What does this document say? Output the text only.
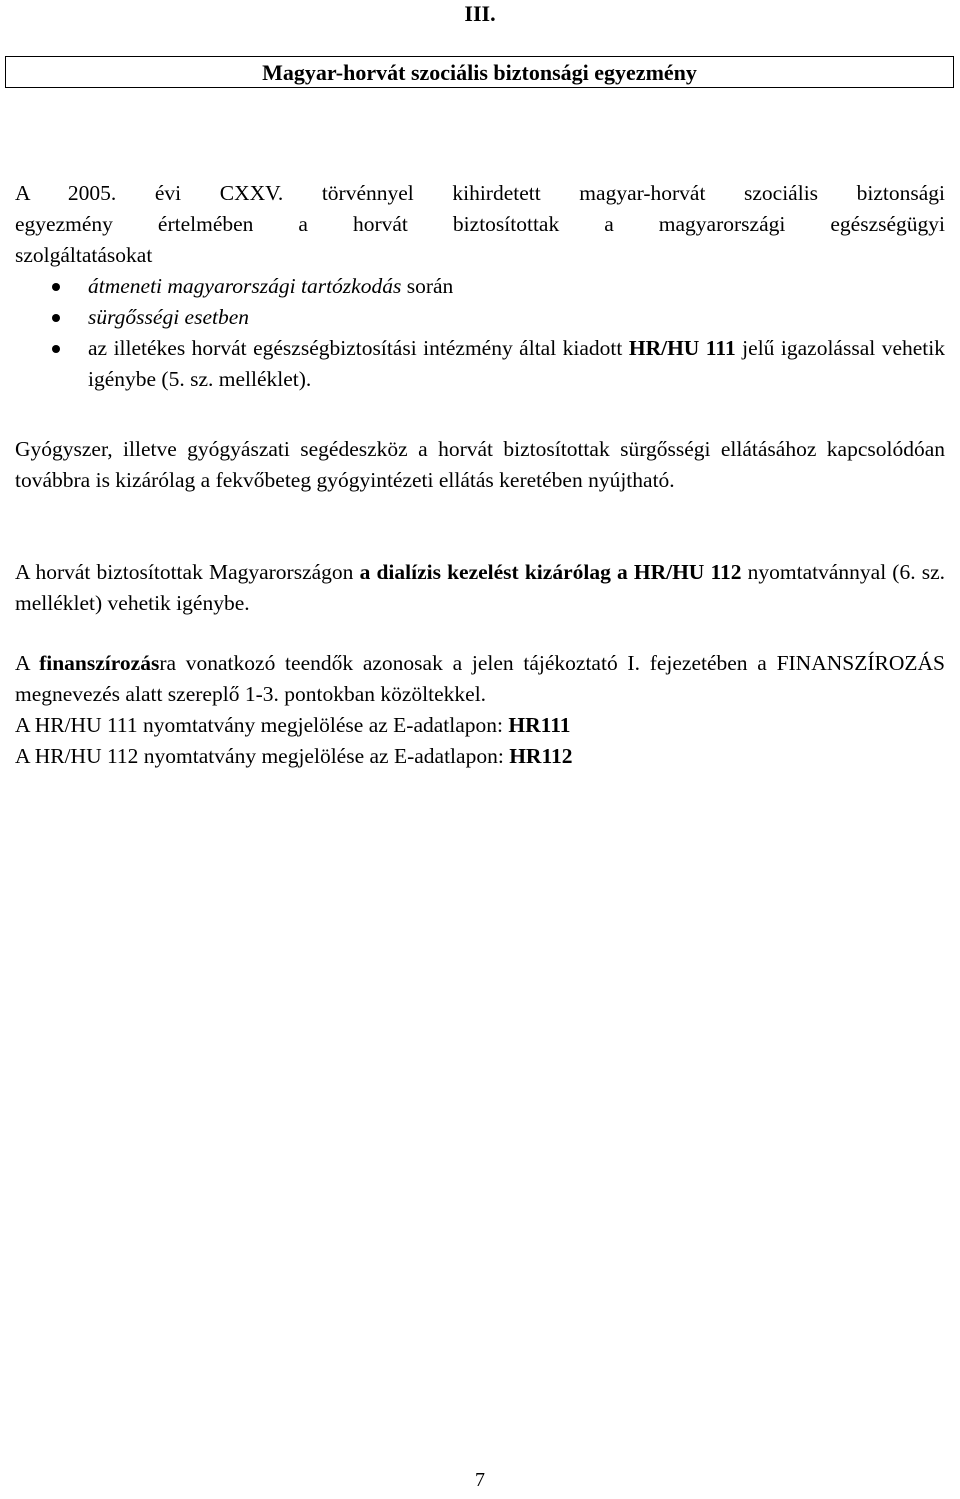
III.
Magyar-horvát szociális biztonsági egyezmény
A 2005. évi CXXV. törvénnyel kihirdetett magyar-horvát szociális biztonsági
egyezmény értelmében a horvát biztosítottak a magyarországi egészségügyi
szolgáltatásokat
átmeneti magyarországi tartózkodás során
sürgősségi esetben
az illetékes horvát egészségbiztosítási intézmény által kiadott HR/HU 111 jelű igazolással vehetik igénybe (5. sz. melléklet).
Gyógyszer, illetve gyógyászati segédeszköz a horvát biztosítottak sürgősségi ellátásához kapcsolódóan továbbra is kizárólag a fekvőbeteg gyógyintézeti ellátás keretében nyújtható.
A horvát biztosítottak Magyarországon a dialízis kezelést kizárólag a HR/HU 112 nyomtatvánnyal (6. sz. melléklet) vehetik igénybe.
A finanszírozásra vonatkozó teendők azonosak a jelen tájékoztató I. fejezetében a FINANSZÍROZÁS megnevezés alatt szereplő 1-3. pontokban közöltekkel.
A HR/HU 111 nyomtatvány megjelölése az E-adatlapon: HR111
A HR/HU 112 nyomtatvány megjelölése az E-adatlapon: HR112
7
